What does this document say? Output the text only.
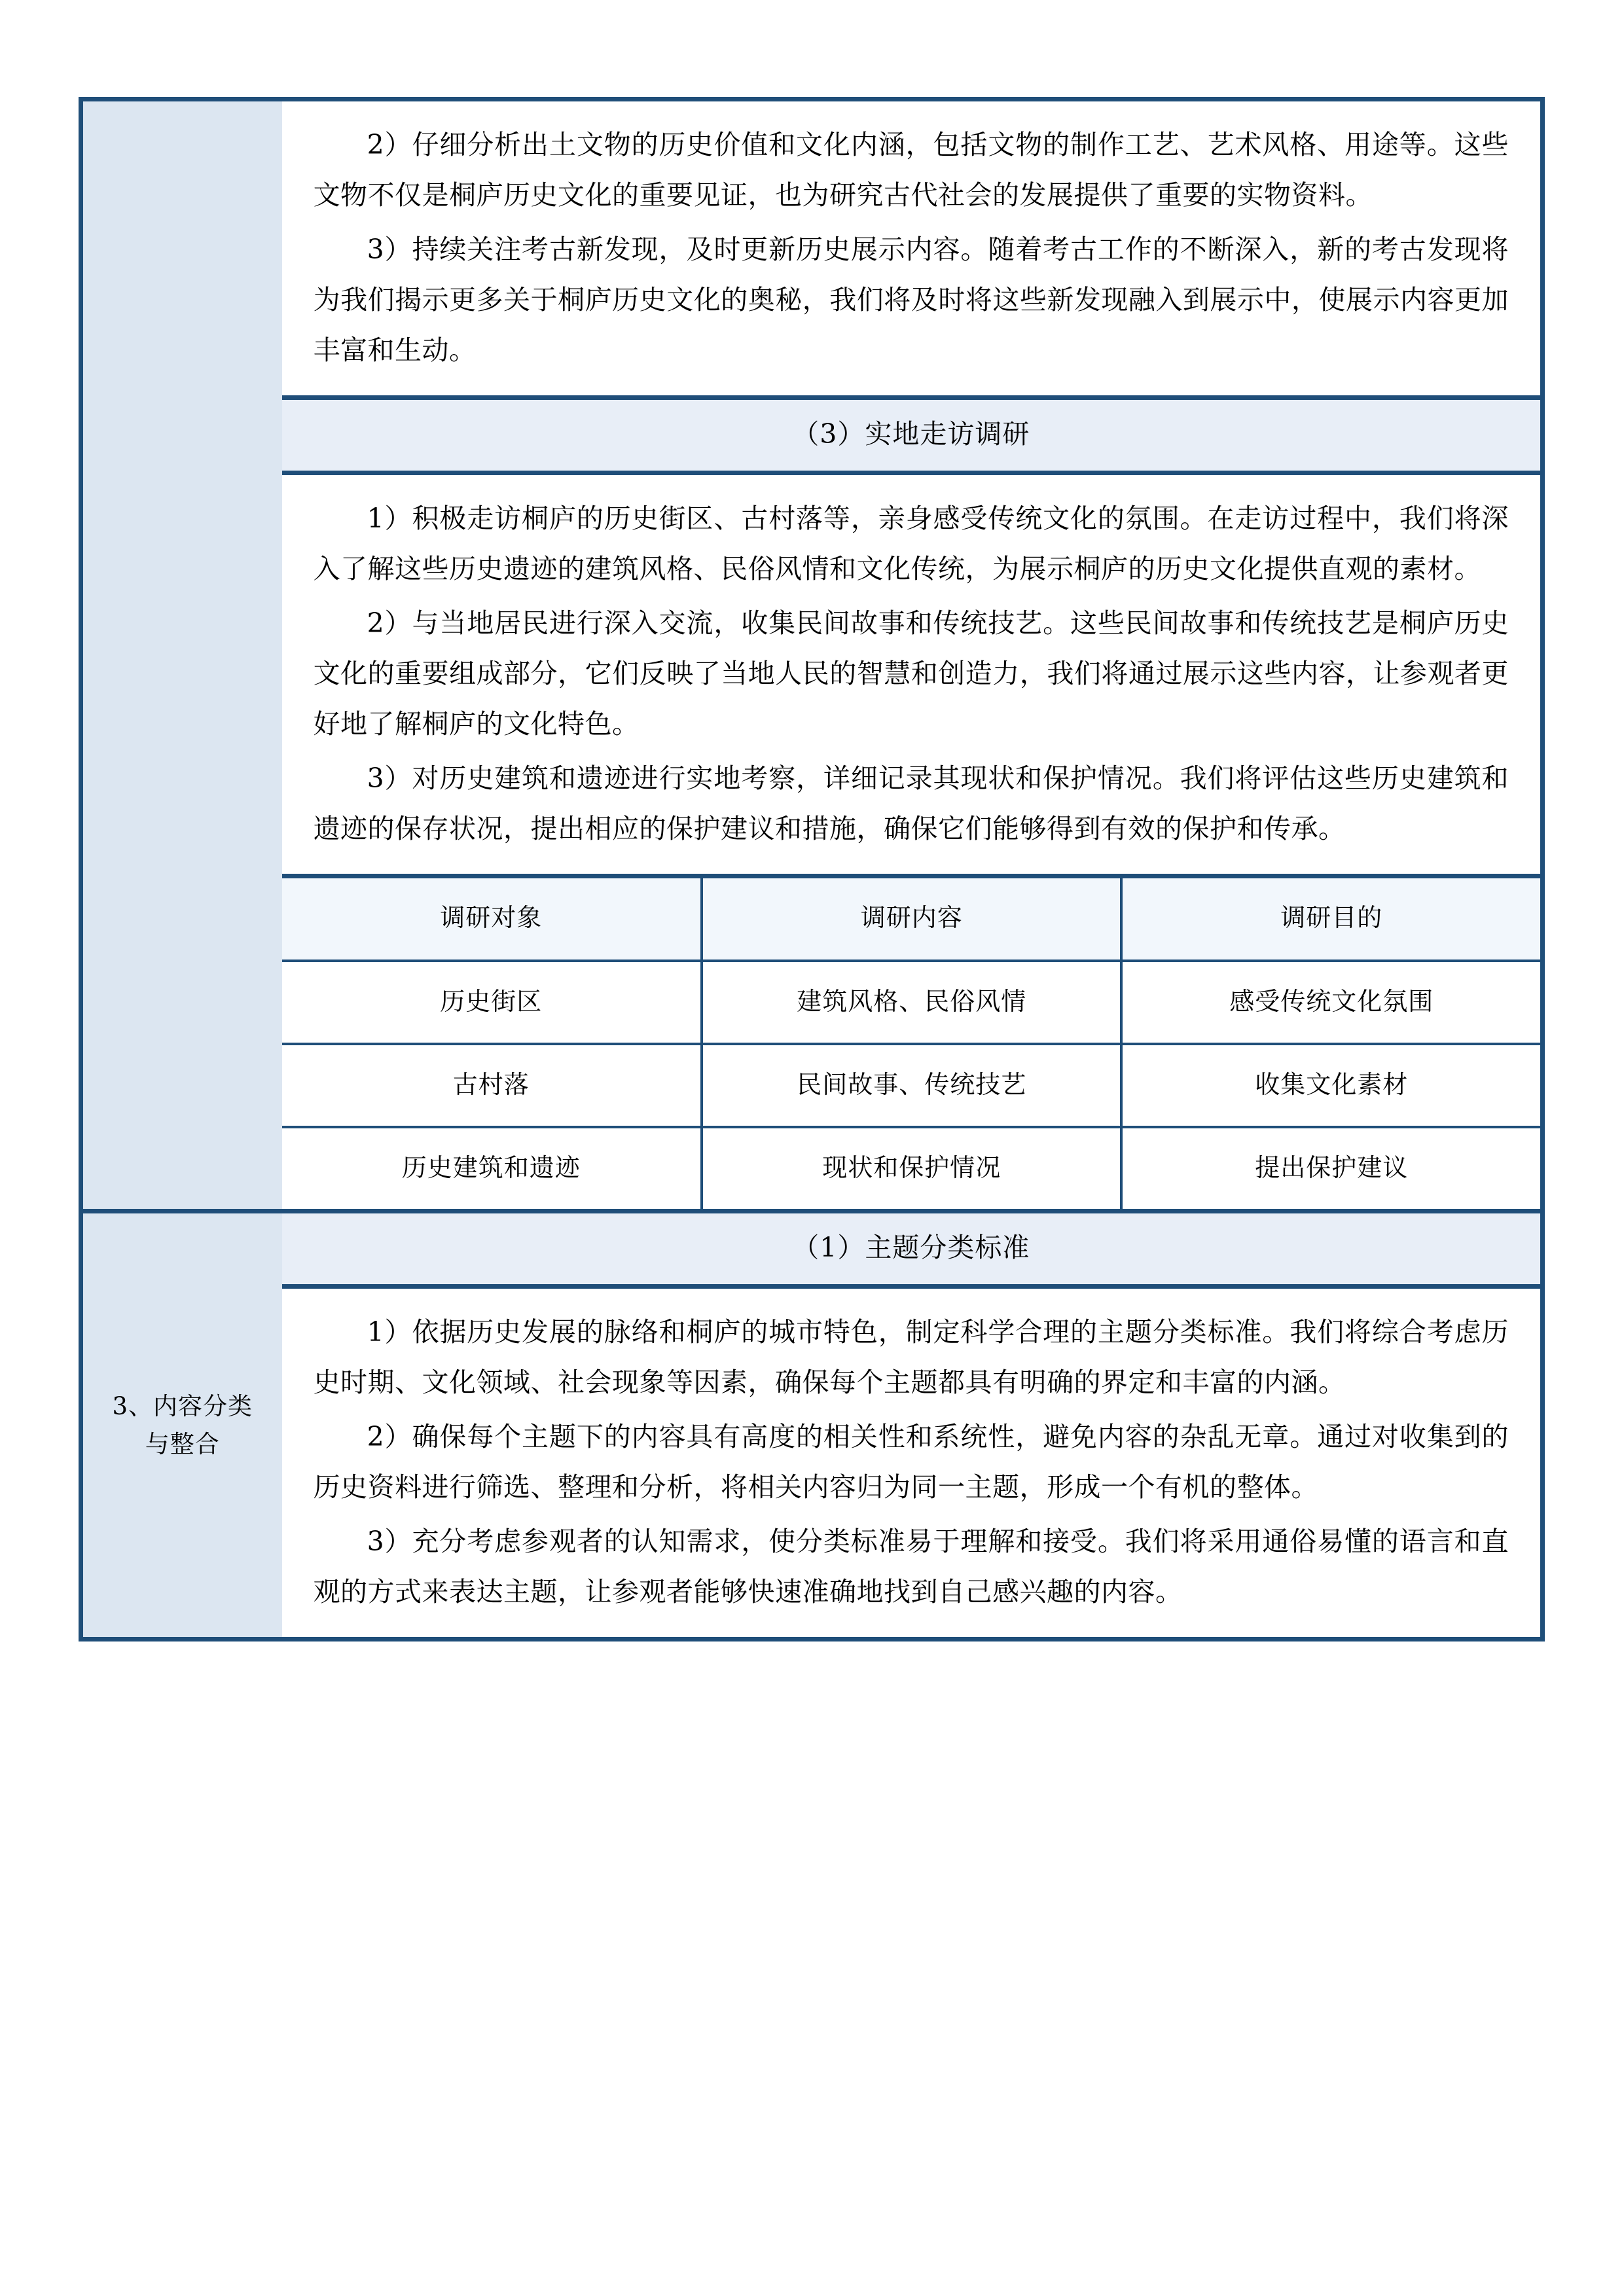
2）仔细分析出土文物的历史价值和文化内涵，包括文物的制作工艺、艺术风格、用途等。这些文物不仅是桐庐历史文化的重要见证，也为研究古代社会的发展提供了重要的实物资料。

3）持续关注考古新发现，及时更新历史展示内容。随着考古工作的不断深入，新的考古发现将为我们揭示更多关于桐庐历史文化的奥秘，我们将及时将这些新发现融入到展示中，使展示内容更加丰富和生动。

（3）实地走访调研

1）积极走访桐庐的历史街区、古村落等，亲身感受传统文化的氛围。在走访过程中，我们将深入了解这些历史遗迹的建筑风格、民俗风情和文化传统，为展示桐庐的历史文化提供直观的素材。

2）与当地居民进行深入交流，收集民间故事和传统技艺。这些民间故事和传统技艺是桐庐历史文化的重要组成部分，它们反映了当地人民的智慧和创造力，我们将通过展示这些内容，让参观者更好地了解桐庐的文化特色。

3）对历史建筑和遗迹进行实地考察，详细记录其现状和保护情况。我们将评估这些历史建筑和遗迹的保存状况，提出相应的保护建议和措施，确保它们能够得到有效的保护和传承。

调研对象	调研内容	调研目的
历史街区	建筑风格、民俗风情	感受传统文化氛围
古村落	民间故事、传统技艺	收集文化素材
历史建筑和遗迹	现状和保护情况	提出保护建议

3、内容分类与整合	
（1）主题分类标准

1）依据历史发展的脉络和桐庐的城市特色，制定科学合理的主题分类标准。我们将综合考虑历史时期、文化领域、社会现象等因素，确保每个主题都具有明确的界定和丰富的内涵。

2）确保每个主题下的内容具有高度的相关性和系统性，避免内容的杂乱无章。通过对收集到的历史资料进行筛选、整理和分析，将相关内容归为同一主题，形成一个有机的整体。

3）充分考虑参观者的认知需求，使分类标准易于理解和接受。我们将采用通俗易懂的语言和直观的方式来表达主题，让参观者能够快速准确地找到自己感兴趣的内容。
